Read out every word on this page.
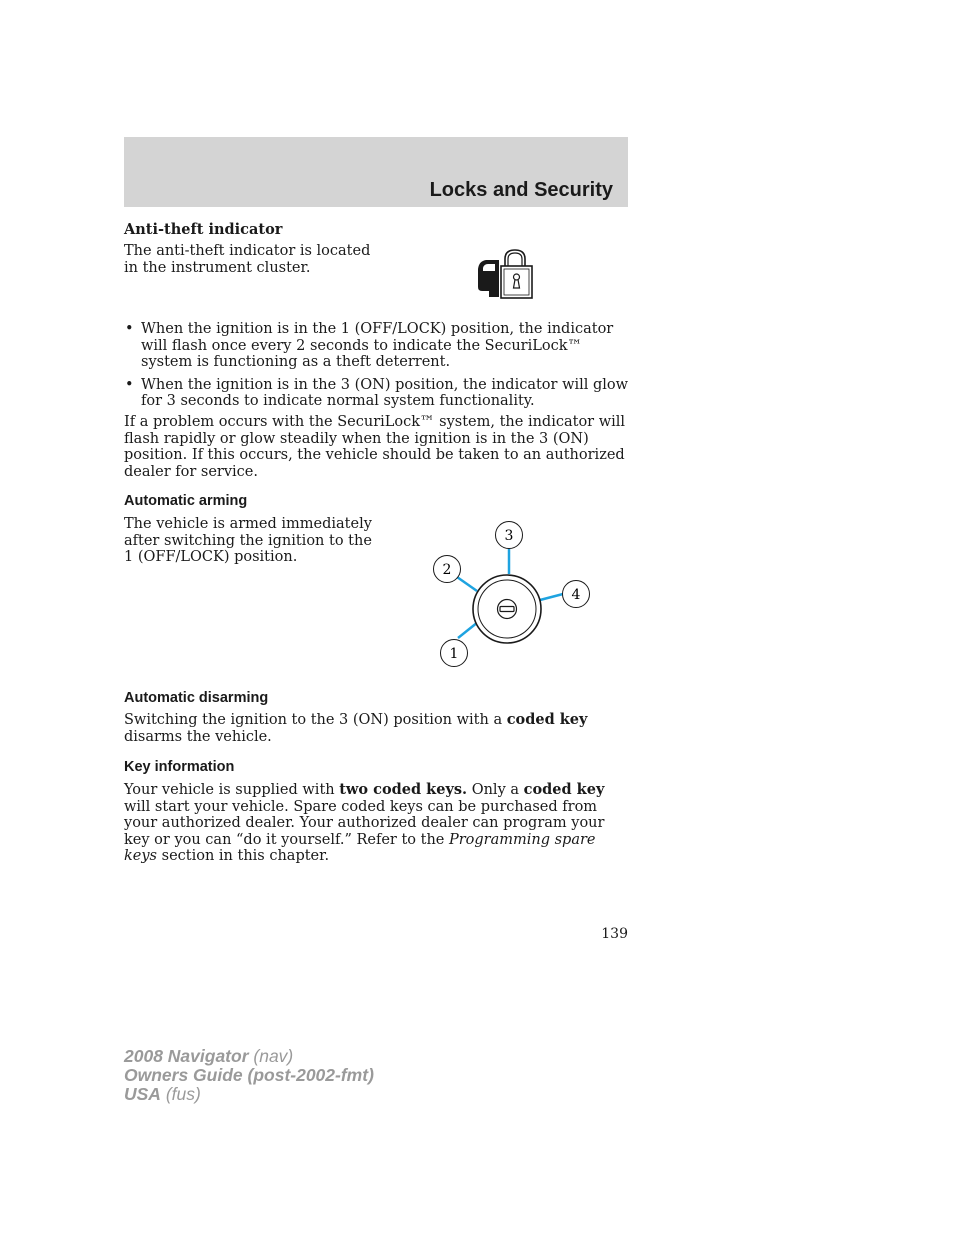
Locks and Security
Anti-theft indicator
The anti-theft indicator is located in the instrument cluster.
• When the ignition is in the 1 (OFF/LOCK) position, the indicator will flash once every 2 seconds to indicate the SecuriLock™ system is functioning as a theft deterrent.
• When the ignition is in the 3 (ON) position, the indicator will glow for 3 seconds to indicate normal system functionality.
If a problem occurs with the SecuriLock™ system, the indicator will flash rapidly or glow steadily when the ignition is in the 3 (ON) position. If this occurs, the vehicle should be taken to an authorized dealer for service.
Automatic arming
The vehicle is armed immediately after switching the ignition to the 1 (OFF/LOCK) position.
3
2
4
1
Automatic disarming
Switching the ignition to the 3 (ON) position with a coded key disarms the vehicle.
Key information
Your vehicle is supplied with two coded keys. Only a coded key will start your vehicle. Spare coded keys can be purchased from your authorized dealer. Your authorized dealer can program your key or you can “do it yourself.” Refer to the Programming spare keys section in this chapter.
139
2008 Navigator (nav)
Owners Guide (post-2002-fmt)
USA (fus)
